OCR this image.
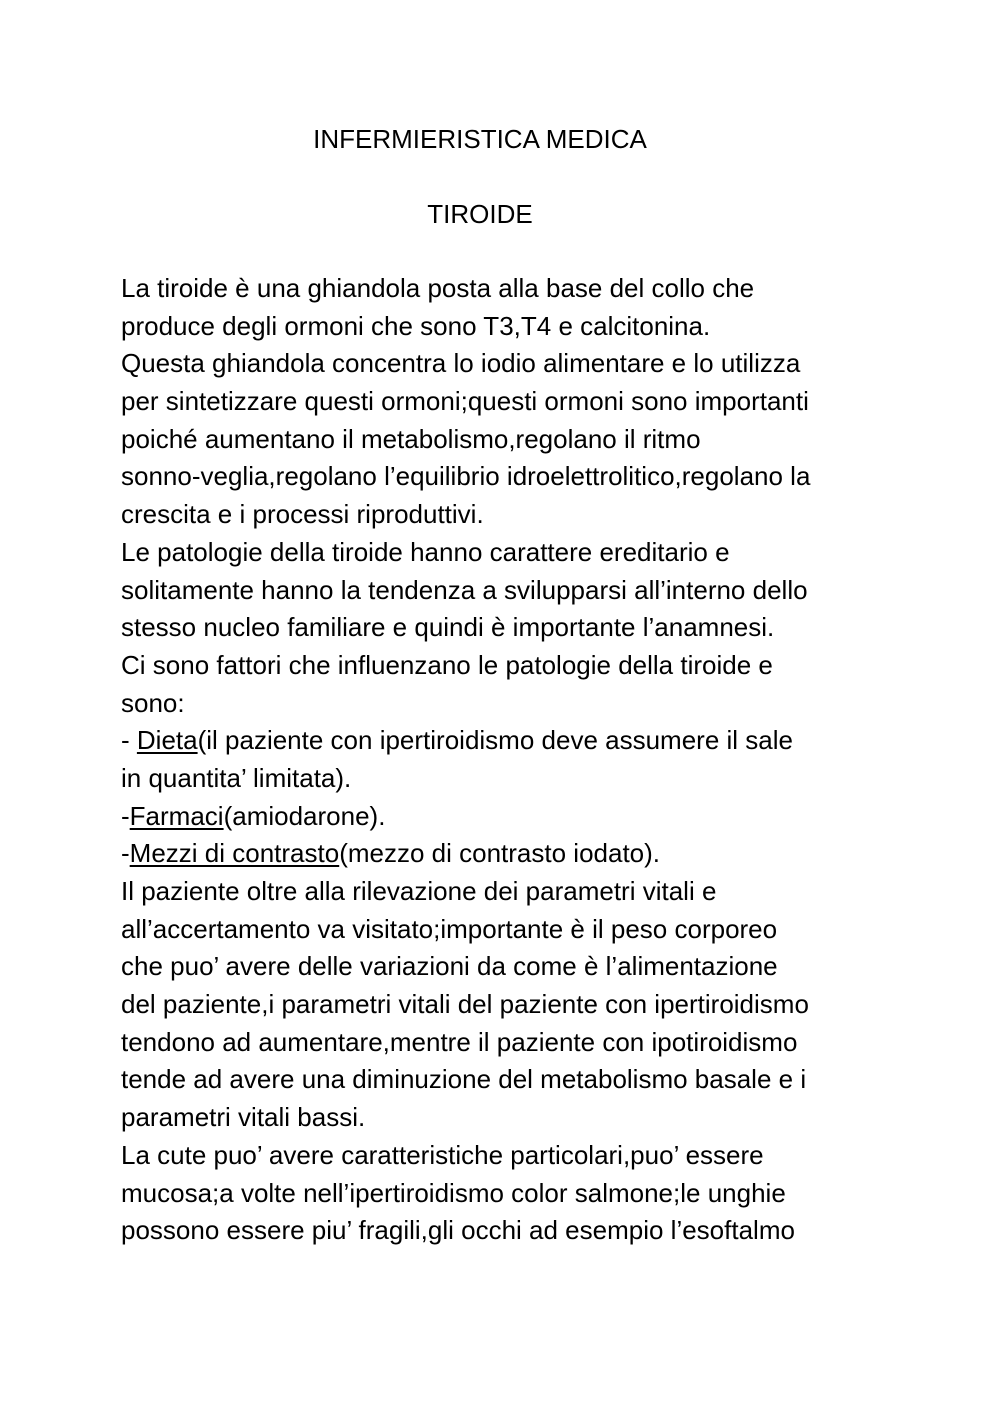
INFERMIERISTICA MEDICA
TIROIDE
La tiroide è una ghiandola posta alla base del collo che
produce degli ormoni che sono T3,T4 e calcitonina.
Questa ghiandola concentra lo iodio alimentare e lo utilizza
per sintetizzare questi ormoni;questi ormoni sono importanti
poiché aumentano il metabolismo,regolano il ritmo
sonno-veglia,regolano l’equilibrio idroelettrolitico,regolano la
crescita e i processi riproduttivi.
Le patologie della tiroide hanno carattere ereditario e
solitamente hanno la tendenza a svilupparsi all’interno dello
stesso nucleo familiare e quindi è importante l’anamnesi.
Ci sono fattori che influenzano le patologie della tiroide e
sono:
- Dieta(il paziente con ipertiroidismo deve assumere il sale
in quantita’ limitata).
-Farmaci(amiodarone).
-Mezzi di contrasto(mezzo di contrasto iodato).
Il paziente oltre alla rilevazione dei parametri vitali e
all’accertamento va visitato;importante è il peso corporeo
che puo’ avere delle variazioni da come è l’alimentazione
del paziente,i parametri vitali del paziente con ipertiroidismo
tendono ad aumentare,mentre il paziente con ipotiroidismo
tende ad avere una diminuzione del metabolismo basale e i
parametri vitali bassi.
La cute puo’ avere caratteristiche particolari,puo’ essere
mucosa;a volte nell’ipertiroidismo color salmone;le unghie
possono essere piu’ fragili,gli occhi ad esempio l’esoftalmo
